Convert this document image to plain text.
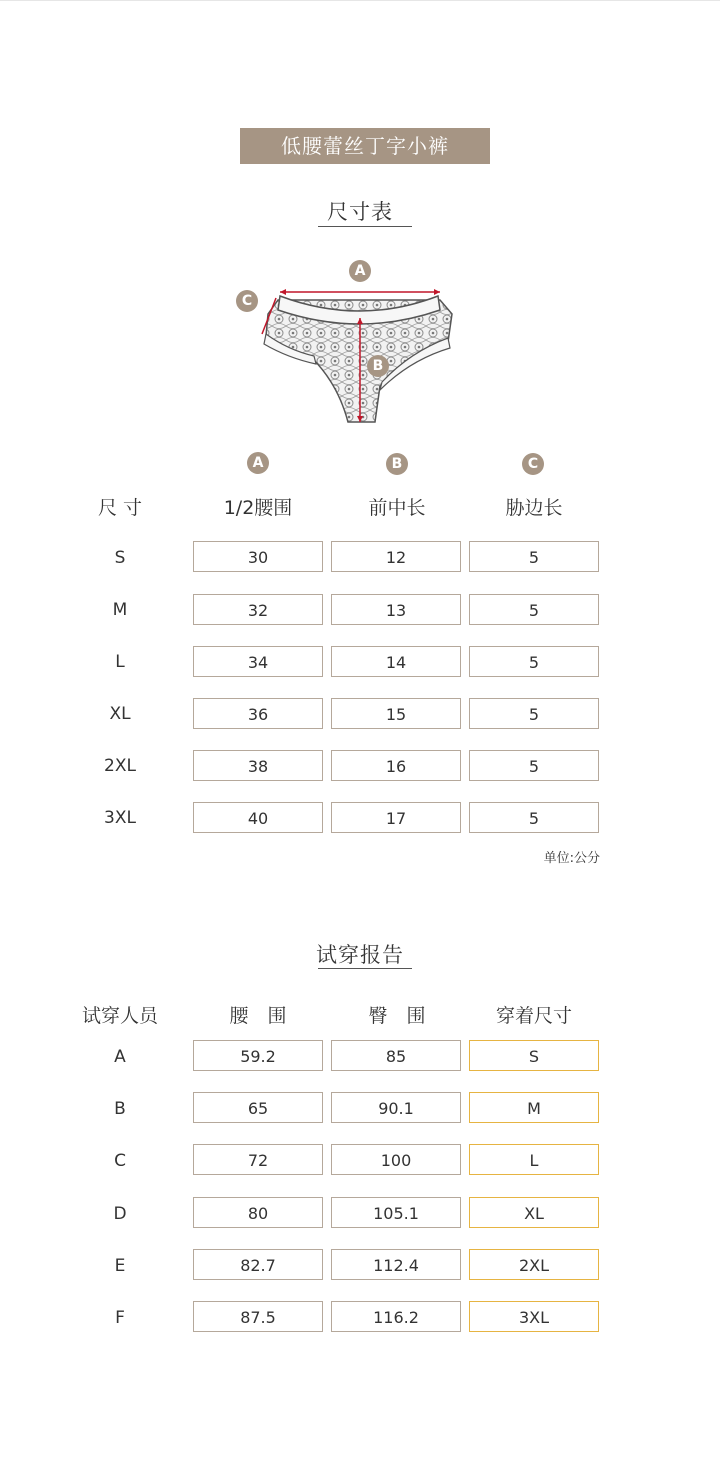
低腰蕾丝丁字小裤
尺寸表
A
B
C
A	B	C
尺 寸	1/2腰围	前中长	胁边长
S	30	12	5
M	32	13	5
L	34	14	5
XL	36	15	5
2XL	38	16	5
3XL	40	17	5
单位:公分
试穿报告
试穿人员	腰　围	臀　围	穿着尺寸
A	59.2	85	S
B	65	90.1	M
C	72	100	L
D	80	105.1	XL
E	82.7	112.4	2XL
F	87.5	116.2	3XL
